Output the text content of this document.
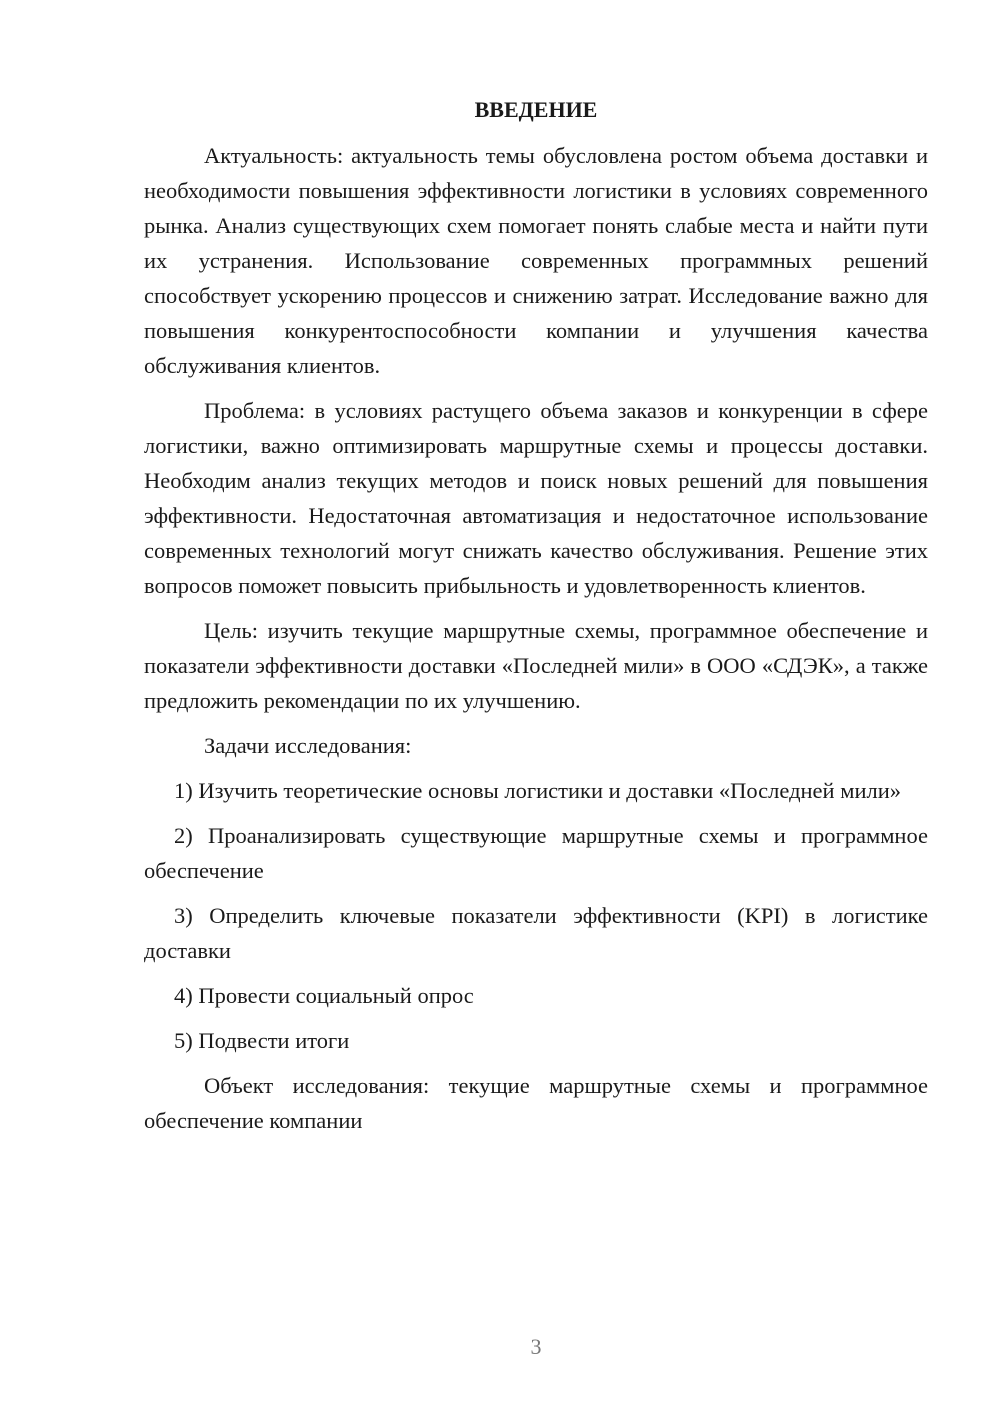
ВВЕДЕНИЕ

Актуальность: актуальность темы обусловлена ростом объема доставки и необходимости повышения эффективности логистики в условиях современного рынка. Анализ существующих схем помогает понять слабые места и найти пути их устранения. Использование современных программных решений способствует ускорению процессов и снижению затрат. Исследование важно для повышения конкурентоспособности компании и улучшения качества обслуживания клиентов.

Проблема: в условиях растущего объема заказов и конкуренции в сфере логистики, важно оптимизировать маршрутные схемы и процессы доставки. Необходим анализ текущих методов и поиск новых решений для повышения эффективности. Недостаточная автоматизация и недостаточное использование современных технологий могут снижать качество обслуживания. Решение этих вопросов поможет повысить прибыльность и удовлетворенность клиентов.

Цель: изучить текущие маршрутные схемы, программное обеспечение и показатели эффективности доставки «Последней мили» в ООО «СДЭК», а также предложить рекомендации по их улучшению.

Задачи исследования:

1) Изучить теоретические основы логистики и доставки «Последней мили»

2) Проанализировать существующие маршрутные схемы и программное обеспечение

3) Определить ключевые показатели эффективности (KPI) в логистике доставки

4) Провести социальный опрос

5) Подвести итоги

Объект исследования: текущие маршрутные схемы и программное обеспечение компании

3
